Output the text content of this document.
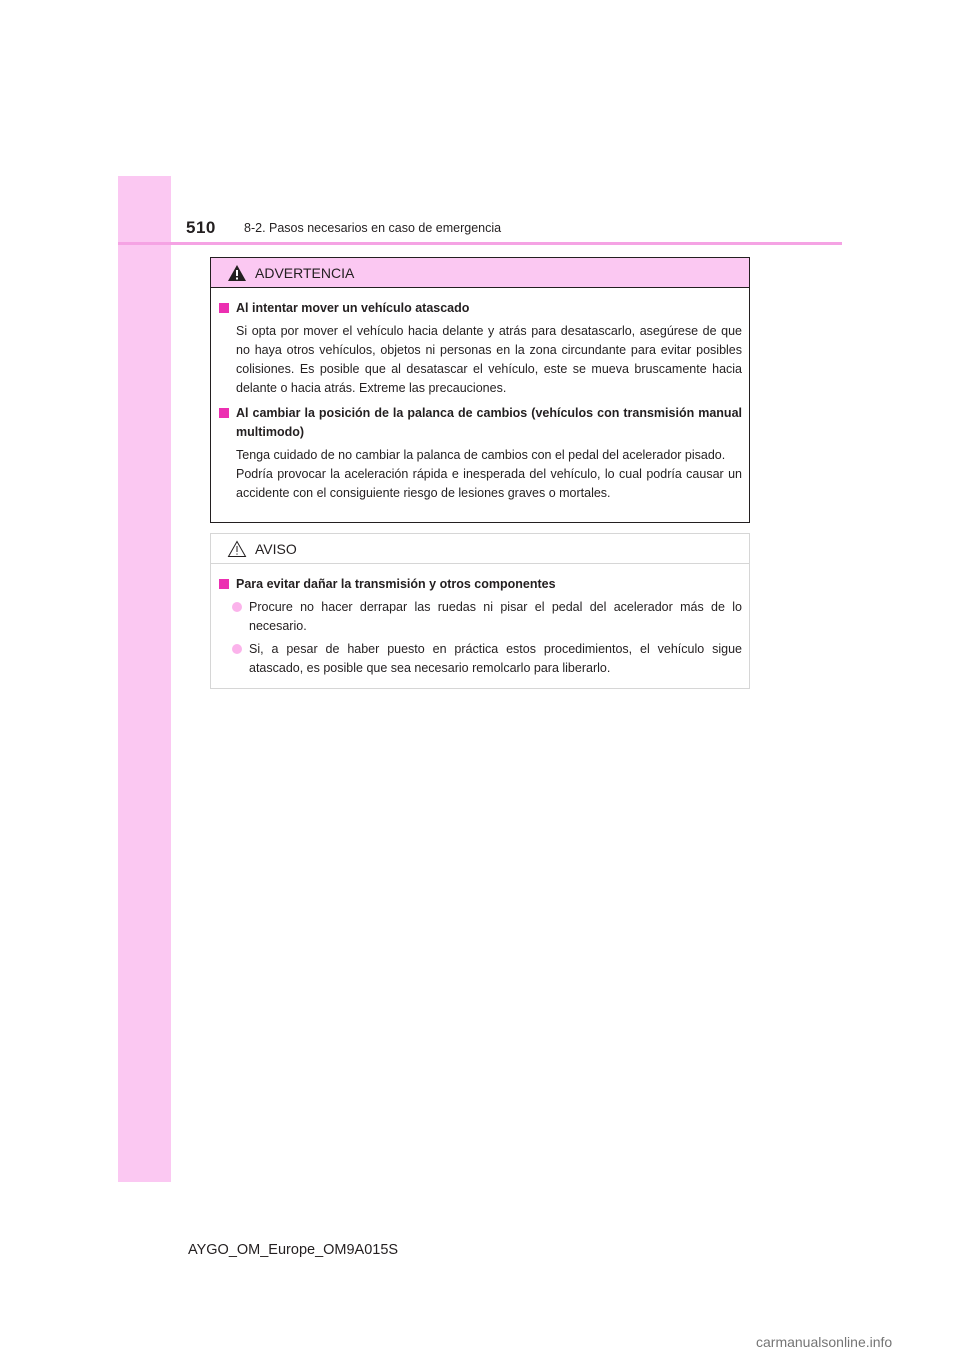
510 8-2. Pasos necesarios en caso de emergencia
ADVERTENCIA
Al intentar mover un vehículo atascado
Si opta por mover el vehículo hacia delante y atrás para desatascarlo, asegúrese de que no haya otros vehículos, objetos ni personas en la zona circundante para evitar posibles colisiones. Es posible que al desatascar el vehículo, este se mueva bruscamente hacia delante o hacia atrás. Extreme las precauciones.
Al cambiar la posición de la palanca de cambios (vehículos con transmisión manual multimodo)
Tenga cuidado de no cambiar la palanca de cambios con el pedal del acelerador pisado.
Podría provocar la aceleración rápida e inesperada del vehículo, lo cual podría causar un accidente con el consiguiente riesgo de lesiones graves o mortales.
AVISO
Para evitar dañar la transmisión y otros componentes
Procure no hacer derrapar las ruedas ni pisar el pedal del acelerador más de lo necesario.
Si, a pesar de haber puesto en práctica estos procedimientos, el vehículo sigue atascado, es posible que sea necesario remolcarlo para liberarlo.
AYGO_OM_Europe_OM9A015S
carmanualsonline.info
